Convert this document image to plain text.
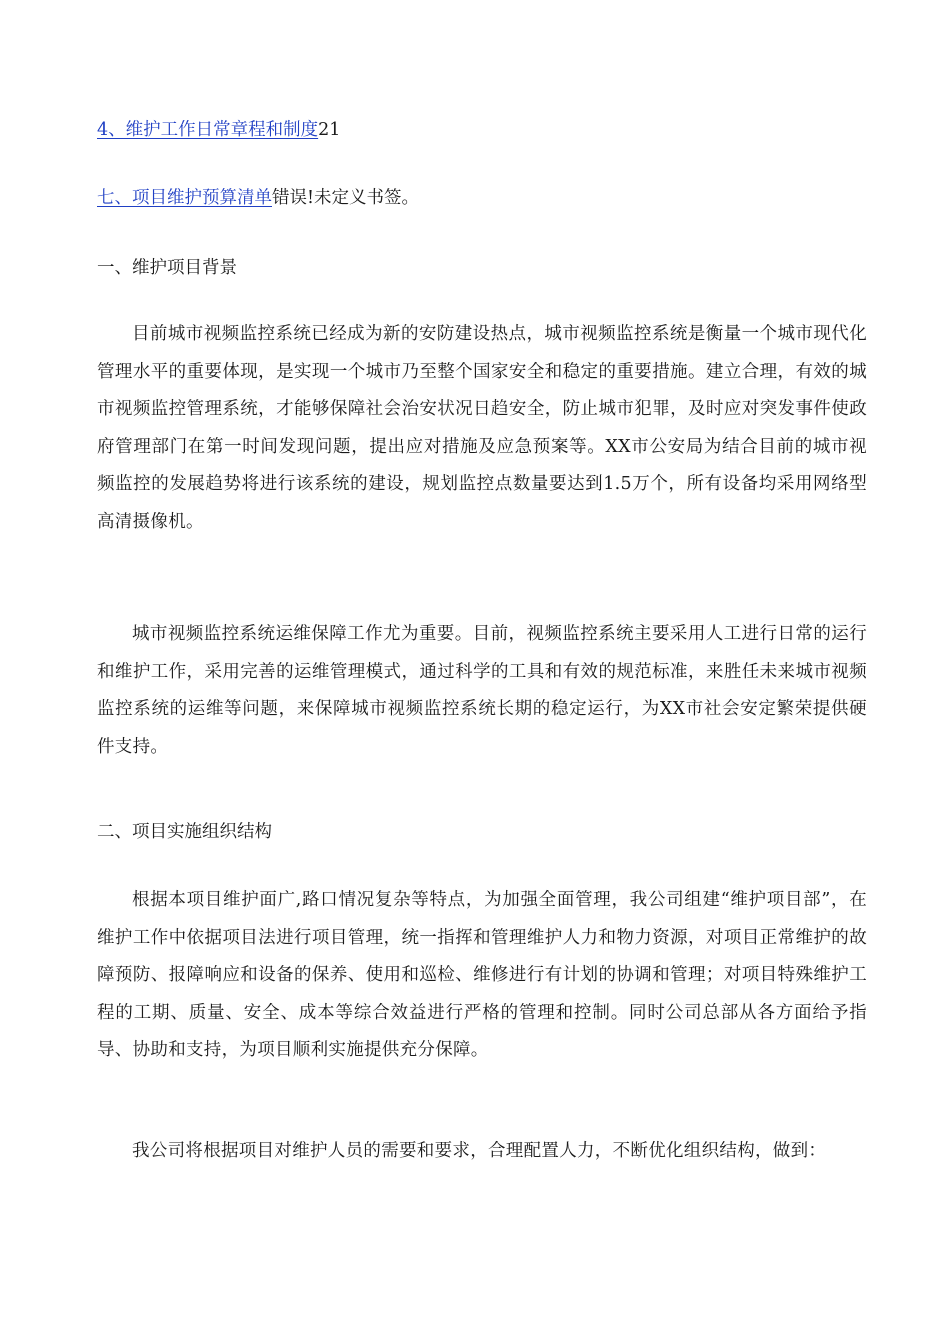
4、维护工作日常章程和制度21
七、项目维护预算清单错误!未定义书签。
一、维护项目背景
目前城市视频监控系统已经成为新的安防建设热点，城市视频监控系统是衡量一个城市现代化管理水平的重要体现，是实现一个城市乃至整个国家安全和稳定的重要措施。建立合理，有效的城市视频监控管理系统，才能够保障社会治安状况日趋安全，防止城市犯罪，及时应对突发事件使政府管理部门在第一时间发现问题，提出应对措施及应急预案等。XX市公安局为结合目前的城市视频监控的发展趋势将进行该系统的建设，规划监控点数量要达到1.5万个，所有设备均采用网络型高清摄像机。
城市视频监控系统运维保障工作尤为重要。目前，视频监控系统主要采用人工进行日常的运行和维护工作，采用完善的运维管理模式，通过科学的工具和有效的规范标准，来胜任未来城市视频监控系统的运维等问题，来保障城市视频监控系统长期的稳定运行，为XX市社会安定繁荣提供硬件支持。
二、项目实施组织结构
根据本项目维护面广,路口情况复杂等特点，为加强全面管理，我公司组建“维护项目部”，在维护工作中依据项目法进行项目管理，统一指挥和管理维护人力和物力资源，对项目正常维护的故障预防、报障响应和设备的保养、使用和巡检、维修进行有计划的协调和管理；对项目特殊维护工程的工期、质量、安全、成本等综合效益进行严格的管理和控制。同时公司总部从各方面给予指导、协助和支持，为项目顺利实施提供充分保障。
我公司将根据项目对维护人员的需要和要求，合理配置人力，不断优化组织结构，做到：
